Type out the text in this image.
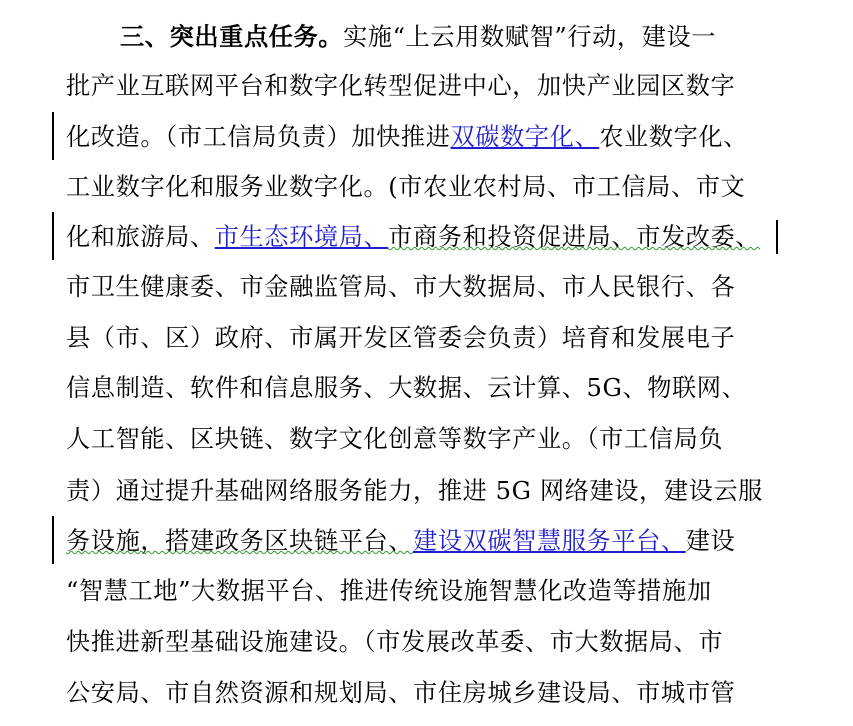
三、突出重点任务。实施“上云用数赋智”行动，建设一
批产业互联网平台和数字化转型促进中心，加快产业园区数字
化改造。（市工信局负责）加快推进双碳数字化、农业数字化、
工业数字化和服务业数字化。(市农业农村局、市工信局、市文
化和旅游局、市生态环境局、市商务和投资促进局、市发改委、
市卫生健康委、市金融监管局、市大数据局、市人民银行、各
县（市、区）政府、市属开发区管委会负责）培育和发展电子
信息制造、软件和信息服务、大数据、云计算、5G、物联网、
人工智能、区块链、数字文化创意等数字产业。（市工信局负
责）通过提升基础网络服务能力，推进 5G 网络建设，建设云服
务设施，搭建政务区块链平台、建设双碳智慧服务平台、建设
“智慧工地”大数据平台、推进传统设施智慧化改造等措施加
快推进新型基础设施建设。（市发展改革委、市大数据局、市
公安局、市自然资源和规划局、市住房城乡建设局、市城市管
